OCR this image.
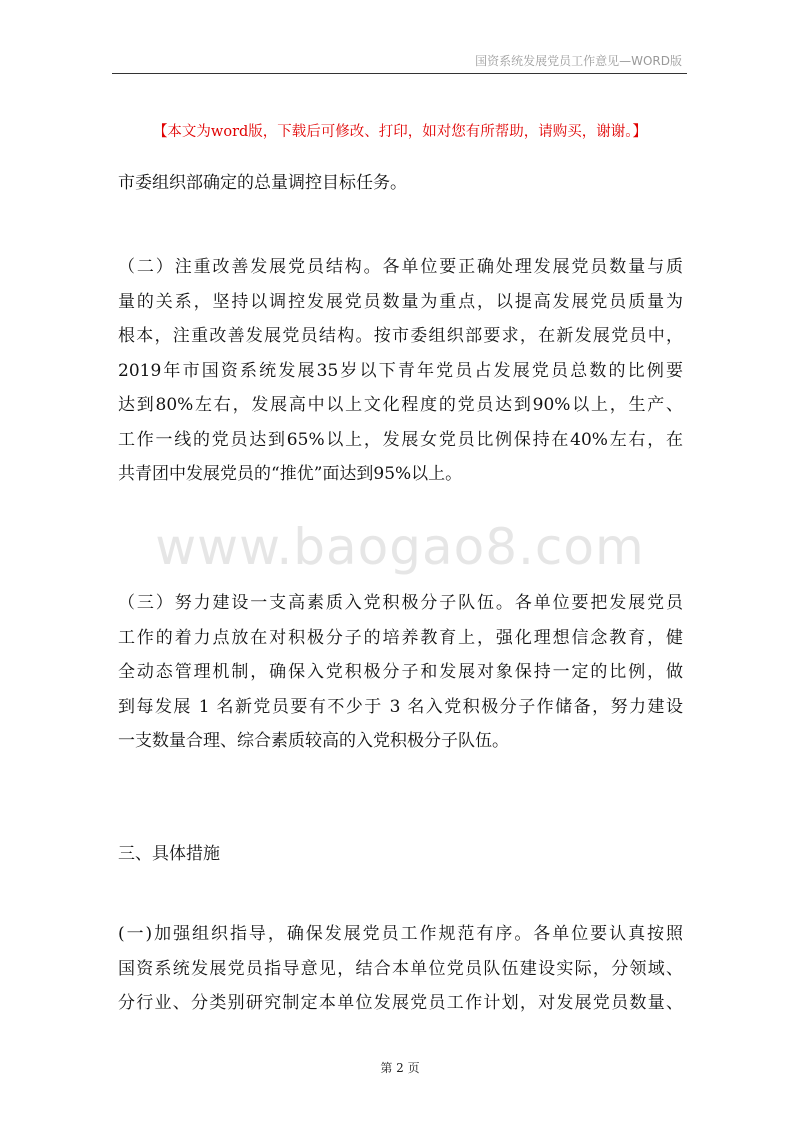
国资系统发展党员工作意见—WORD版
【本文为word版，下载后可修改、打印，如对您有所帮助，请购买，谢谢。】
www.baogao8.com
市委组织部确定的总量调控目标任务。
（二）注重改善发展党员结构。各单位要正确处理发展党员数量与质
量的关系，坚持以调控发展党员数量为重点，以提高发展党员质量为
根本，注重改善发展党员结构。按市委组织部要求，在新发展党员中，
2019年市国资系统发展35岁以下青年党员占发展党员总数的比例要
达到80%左右，发展高中以上文化程度的党员达到90%以上，生产、
工作一线的党员达到65%以上，发展女党员比例保持在40%左右，在
共青团中发展党员的“推优”面达到95%以上。
（三）努力建设一支高素质入党积极分子队伍。各单位要把发展党员
工作的着力点放在对积极分子的培养教育上，强化理想信念教育，健
全动态管理机制，确保入党积极分子和发展对象保持一定的比例，做
到每发展 1 名新党员要有不少于 3 名入党积极分子作储备，努力建设
一支数量合理、综合素质较高的入党积极分子队伍。
三、具体措施
(一)加强组织指导，确保发展党员工作规范有序。各单位要认真按照
国资系统发展党员指导意见，结合本单位党员队伍建设实际，分领域、
分行业、分类别研究制定本单位发展党员工作计划，对发展党员数量、
第 2 页
